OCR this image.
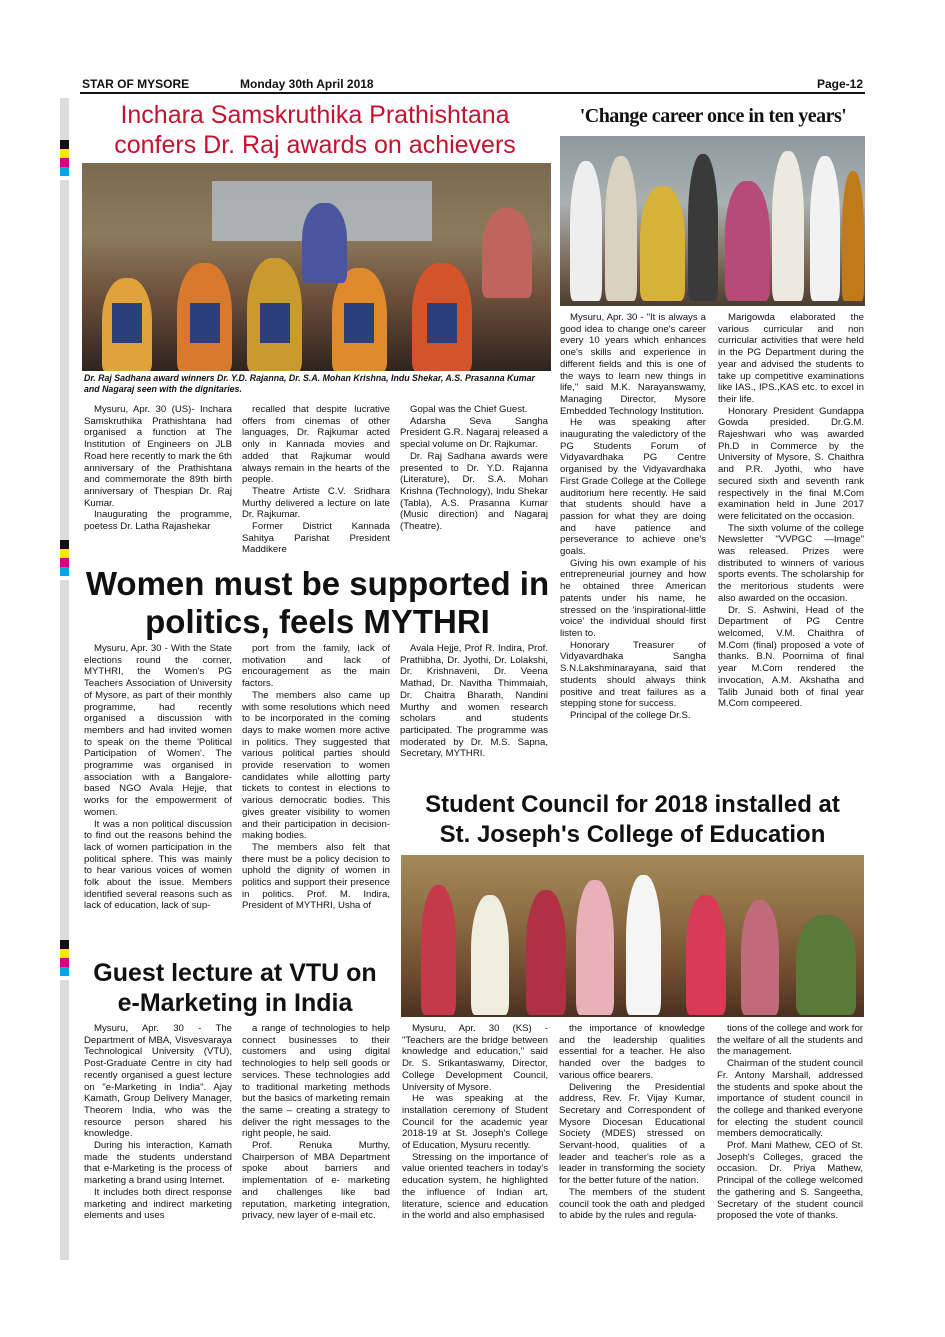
STAR OF MYSORE	Monday 30th April 2018	Page-12
Inchara Samskruthika Prathishtana
confers Dr. Raj awards on achievers
Dr. Raj Sadhana award winners Dr. Y.D. Rajanna, Dr. S.A. Mohan Krishna, Indu Shekar, A.S. Prasanna Kumar and Nagaraj seen with the dignitaries.

Mysuru, Apr. 30 (US)- Inchara Samskruthika Prathishtana had organised a function at The Institution of Engineers on JLB Road here recently to mark the 6th anniversary of the Prathishtana and commemorate the 89th birth anniversary of Thespian Dr. Raj Kumar.

Inaugurating the programme, poetess Dr. Latha Rajashekar

recalled that despite lucrative offers from cinemas of other languages, Dr. Rajkumar acted only in Kannada movies and added that Rajkumar would always remain in the hearts of the people.

Theatre Artiste C.V. Sridhara Murthy delivered a lecture on late Dr. Rajkumar.

Former District Kannada Sahitya Parishat President Maddikere

Gopal was the Chief Guest.

Adarsha Seva Sangha President G.R. Nagaraj released a special volume on Dr. Rajkumar.

Dr. Raj Sadhana awards were presented to Dr. Y.D. Rajanna (Literature), Dr. S.A. Mohan Krishna (Technology), Indu Shekar (Tabla), A.S. Prasanna Kumar (Music direction) and Nagaraj (Theatre).

'Change career once in ten years'

Mysuru, Apr. 30 - "It is always a good idea to change one's career every 10 years which enhances one's skills and experience in different fields and this is one of the ways to learn new things in life," said M.K. Narayanswamy, Managing Director, Mysore Embedded Technology Institution.

He was speaking after inaugurating the valedictory of the PG Students Forum of Vidyavardhaka PG Centre organised by the Vidyavardhaka First Grade College at the College auditorium here recently. He said that students should have a passion for what they are doing and have patience and perseverance to achieve one's goals.

Giving his own example of his entrepreneurial journey and how he obtained three American patents under his name, he stressed on the 'inspirational-little voice' the individual should first listen to.

Honorary Treasurer of Vidyavardhaka Sangha S.N.Lakshminarayana, said that students should always think positive and treat failures as a stepping stone for success.

Principal of the college Dr.S.

Marigowda elaborated the various curricular and non curricular activities that were held in the PG Department during the year and advised the students to take up competitive examinations like IAS., IPS.,KAS etc. to excel in their life.

Honorary President Gundappa Gowda presided. Dr.G.M. Rajeshwari who was awarded Ph.D in Commerce by the University of Mysore, S. Chaithra and P.R. Jyothi, who have secured sixth and seventh rank respectively in the final M.Com examination held in June 2017 were felicitated on the occasion.

The sixth volume of the college Newsletter "VVPGC —Image" was released. Prizes were distributed to winners of various sports events. The scholarship for the meritorious students were also awarded on the occasion.

Dr. S. Ashwini, Head of the Department of PG Centre welcomed, V.M. Chaithra of M.Com (final) proposed a vote of thanks. B.N. Poornima of final year M.Com rendered the invocation, A.M. Akshatha and Talib Junaid both of final year M.Com compeered.

Women must be supported in
politics, feels MYTHRI

Mysuru, Apr. 30 - With the State elections round the corner, MYTHRI, the Women's PG Teachers Association of University of Mysore, as part of their monthly programme, had recently organised a discussion with members and had invited women to speak on the theme 'Political Participation of Women'. The programme was organised in association with a Bangalore-based NGO Avala Hejje, that works for the empowerment of women.

It was a non political discussion to find out the reasons behind the lack of women participation in the political sphere. This was mainly to hear various voices of women folk about the issue. Members identified several reasons such as lack of education, lack of sup-

port from the family, lack of motivation and lack of encouragement as the main factors.

The members also came up with some resolutions which need to be incorporated in the coming days to make women more active in politics. They suggested that various political parties should provide reservation to women candidates while allotting party tickets to contest in elections to various democratic bodies. This gives greater visibility to women and their participation in decision-making bodies.

The members also felt that there must be a policy decision to uphold the dignity of women in politics and support their presence in politics. Prof. M. Indira, President of MYTHRI, Usha of

Avala Hejje, Prof R. Indira, Prof. Prathibha, Dr. Jyothi, Dr. Lolakshi, Dr. Krishnaveni, Dr. Veena Mathad, Dr. Navitha Thimmaiah, Dr. Chaitra Bharath, Nandini Murthy and women research scholars and students participated. The programme was moderated by Dr. M.S. Sapna, Secretary, MYTHRI.

Student Council for 2018 installed at
St. Joseph's College of Education

Mysuru, Apr. 30 (KS) - "Teachers are the bridge between knowledge and education," said Dr. S. Srikantaswamy, Director, College Development Council, University of Mysore.

He was speaking at the installation ceremony of Student Council for the academic year 2018-19 at St. Joseph's College of Education, Mysuru recently.

Stressing on the importance of value oriented teachers in today's education system, he highlighted the influence of Indian art, literature, science and education in the world and also emphasised

the importance of knowledge and the leadership qualities essential for a teacher. He also handed over the badges to various office bearers.

Delivering the Presidential address, Rev. Fr. Vijay Kumar, Secretary and Correspondent of Mysore Diocesan Educational Society (MDES) stressed on Servant-hood, qualities of a leader and teacher's role as a leader in transforming the society for the better future of the nation.

The members of the student council took the oath and pledged to abide by the rules and regula-

tions of the college and work for the welfare of all the students and the management.

Chairman of the student council Fr. Antony Marshall, addressed the students and spoke about the importance of student council in the college and thanked everyone for electing the student council members democratically.

Prof. Mani Mathew, CEO of St. Joseph's Colleges, graced the occasion. Dr. Priya Mathew, Principal of the college welcomed the gathering and S. Sangeetha, Secretary of the student council proposed the vote of thanks.

Guest lecture at VTU on
e-Marketing in India

Mysuru, Apr. 30 - The Department of MBA, Visvesvaraya Technological University (VTU), Post-Graduate Centre in city had recently organised a guest lecture on "e-Marketing in India". Ajay Kamath, Group Delivery Manager, Theorem India, who was the resource person shared his knowledge.

During his interaction, Kamath made the students understand that e-Marketing is the process of marketing a brand using Internet.

It includes both direct response marketing and indirect marketing elements and uses

a range of technologies to help connect businesses to their customers and using digital technologies to help sell goods or services. These technologies add to traditional marketing methods but the basics of marketing remain the same – creating a strategy to deliver the right messages to the right people, he said.

Prof. Renuka Murthy, Chairperson of MBA Department spoke about barriers and implementation of e- marketing and challenges like bad reputation, marketing integration, privacy, new layer of e-mail etc.
